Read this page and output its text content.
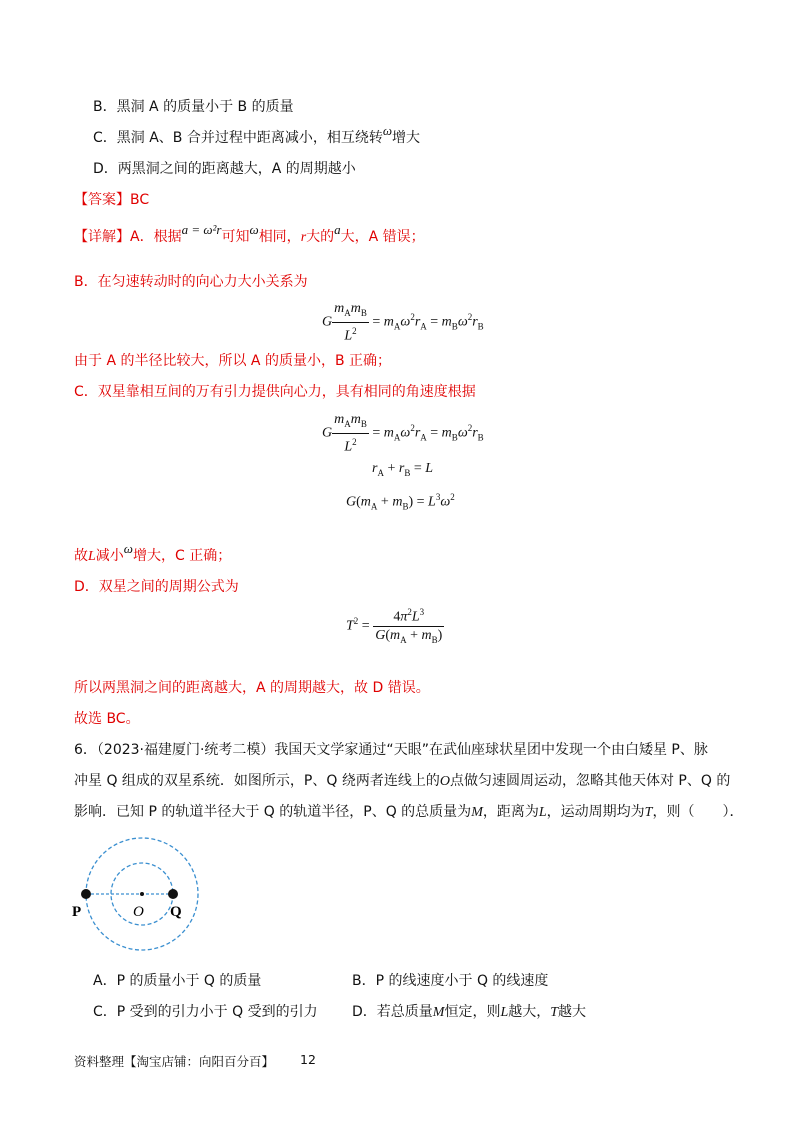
B．黑洞 A 的质量小于 B 的质量
C．黑洞 A、B 合并过程中距离减小，相互绕转ω增大
D．两黑洞之间的距离越大，A 的周期越小
【答案】BC
【详解】A．根据a = ω²r可知ω相同，r大的a大，A 错误；
B．在匀速转动时的向心力大小关系为
G $\frac{m_Am_B}{L^2} = m_A\omega^2r_A = m_B\omega^2r_B$
由于 A 的半径比较大，所以 A 的质量小，B 正确；
C．双星靠相互间的万有引力提供向心力，具有相同的角速度根据
G $\frac{m_Am_B}{L^2} = m_A\omega^2r_A = m_B\omega^2r_B$
$r_A + r_B = L$
$G(m_A + m_B) = L^3\omega^2$
故L减小ω增大，C 正确；
D．双星之间的周期公式为
$T^2 = \frac{4\pi^2L^3}{G(m_A + m_B)}$
所以两黑洞之间的距离越大，A 的周期越大，故 D 错误。
故选 BC。
6．（2023·福建厦门·统考二模）我国天文学家通过“天眼”在武仙座球状星团中发现一个由白矮星 P、脉
冲星 Q 组成的双星系统．如图所示，P、Q 绕两者连线上的O点做匀速圆周运动，忽略其他天体对 P、Q 的
影响．已知 P 的轨道半径大于 Q 的轨道半径，P、Q 的总质量为M，距离为L，运动周期均为T，则（　　）．
P	O Q
A．P 的质量小于 Q 的质量	B．P 的线速度小于 Q 的线速度
C．P 受到的引力小于 Q 受到的引力 D．若总质量M恒定，则L越大，T越大
资料整理【淘宝店铺：向阳百分百】 12
